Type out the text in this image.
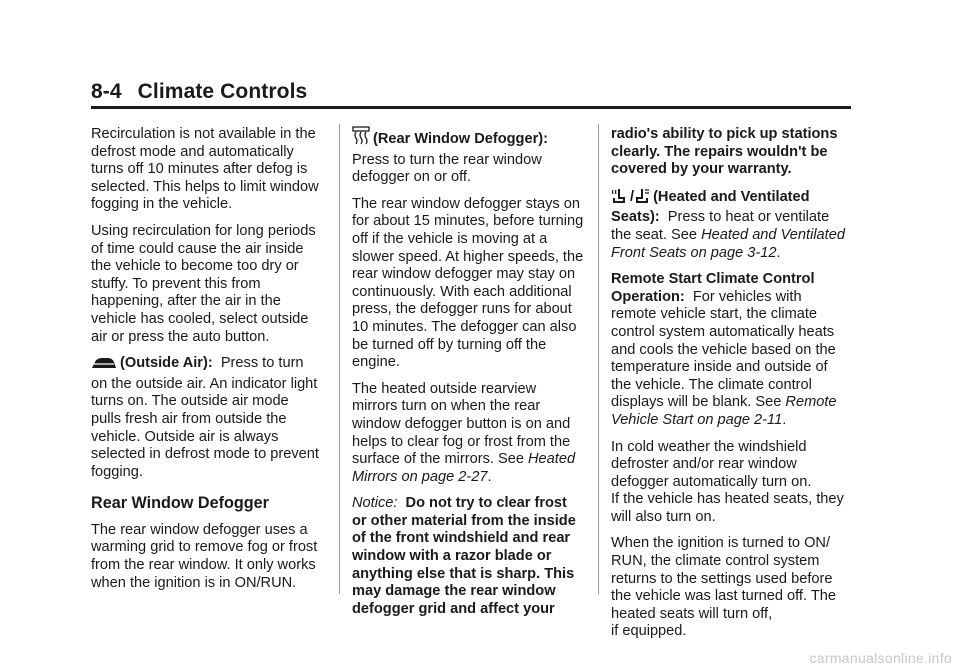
8-4 Climate Controls

Recirculation is not available in the defrost mode and automatically turns off 10 minutes after defog is selected. This helps to limit window fogging in the vehicle.

Using recirculation for long periods of time could cause the air inside the vehicle to become too dry or stuffy. To prevent this from happening, after the air in the vehicle has cooled, select outside air or press the auto button.

(Outside Air): Press to turn on the outside air. An indicator light turns on. The outside air mode pulls fresh air from outside the vehicle. Outside air is always selected in defrost mode to prevent fogging.

Rear Window Defogger

The rear window defogger uses a warming grid to remove fog or frost from the rear window. It only works when the ignition is in ON/RUN.

(Rear Window Defogger): Press to turn the rear window defogger on or off.

The rear window defogger stays on for about 15 minutes, before turning off if the vehicle is moving at a slower speed. At higher speeds, the rear window defogger may stay on continuously. With each additional press, the defogger runs for about 10 minutes. The defogger can also be turned off by turning off the engine.

The heated outside rearview mirrors turn on when the rear window defogger button is on and helps to clear fog or frost from the surface of the mirrors. See Heated Mirrors on page 2‑27.

Notice: Do not try to clear frost or other material from the inside of the front windshield and rear window with a razor blade or anything else that is sharp. This may damage the rear window defogger grid and affect your

radio's ability to pick up stations clearly. The repairs wouldn't be covered by your warranty.

/ (Heated and Ventilated Seats): Press to heat or ventilate the seat. See Heated and Ventilated Front Seats on page 3‑12.

Remote Start Climate Control Operation: For vehicles with remote vehicle start, the climate control system automatically heats and cools the vehicle based on the temperature inside and outside of the vehicle. The climate control displays will be blank. See Remote Vehicle Start on page 2‑11.

In cold weather the windshield defroster and/or rear window defogger automatically turn on.
If the vehicle has heated seats, they will also turn on.

When the ignition is turned to ON/ RUN, the climate control system returns to the settings used before the vehicle was last turned off. The heated seats will turn off,
if equipped.

carmanualsonline.info
